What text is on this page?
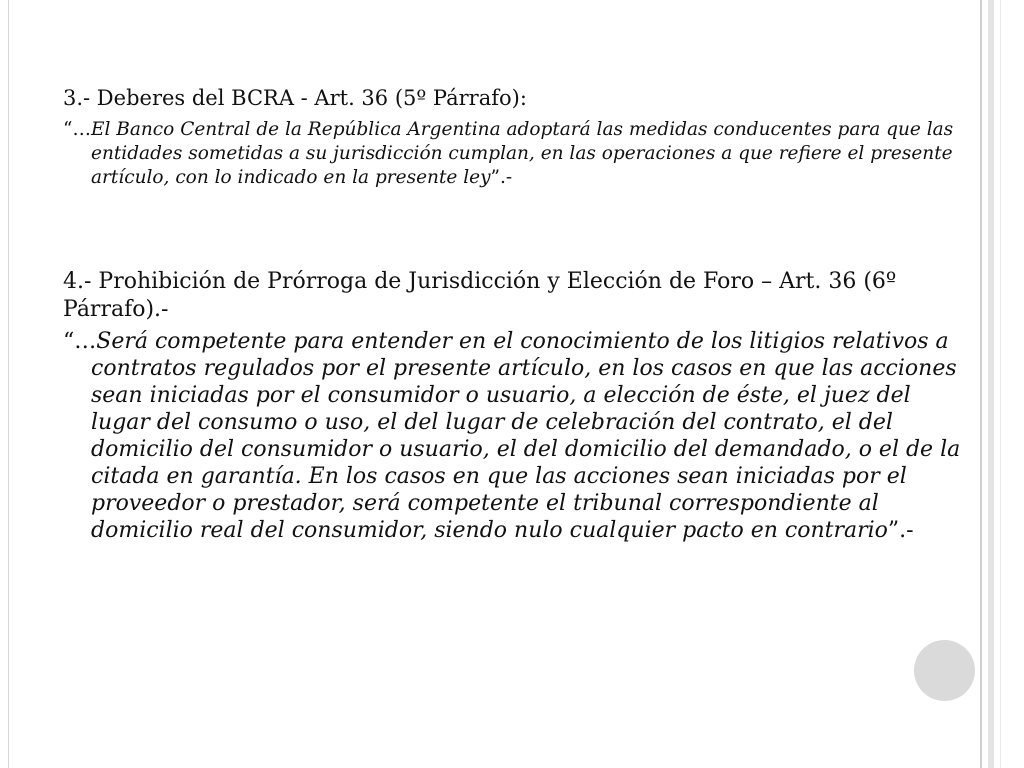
3.- Deberes del BCRA - Art. 36 (5º Párrafo):

“…El Banco Central de la República Argentina adoptará las medidas conducentes para que las entidades sometidas a su jurisdicción cumplan, en las operaciones a que refiere el presente artículo, con lo indicado en la presente ley”.-

4.- Prohibición de Prórroga de Jurisdicción y Elección de Foro – Art. 36 (6º Párrafo).-

“…Será competente para entender en el conocimiento de los litigios relativos a contratos regulados por el presente artículo, en los casos en que las acciones sean iniciadas por el consumidor o usuario, a elección de éste, el juez del lugar del consumo o uso, el del lugar de celebración del contrato, el del domicilio del consumidor o usuario, el del domicilio del demandado, o el de la citada en garantía. En los casos en que las acciones sean iniciadas por el proveedor o prestador, será competente el tribunal correspondiente al domicilio real del consumidor, siendo nulo cualquier pacto en contrario”.-
